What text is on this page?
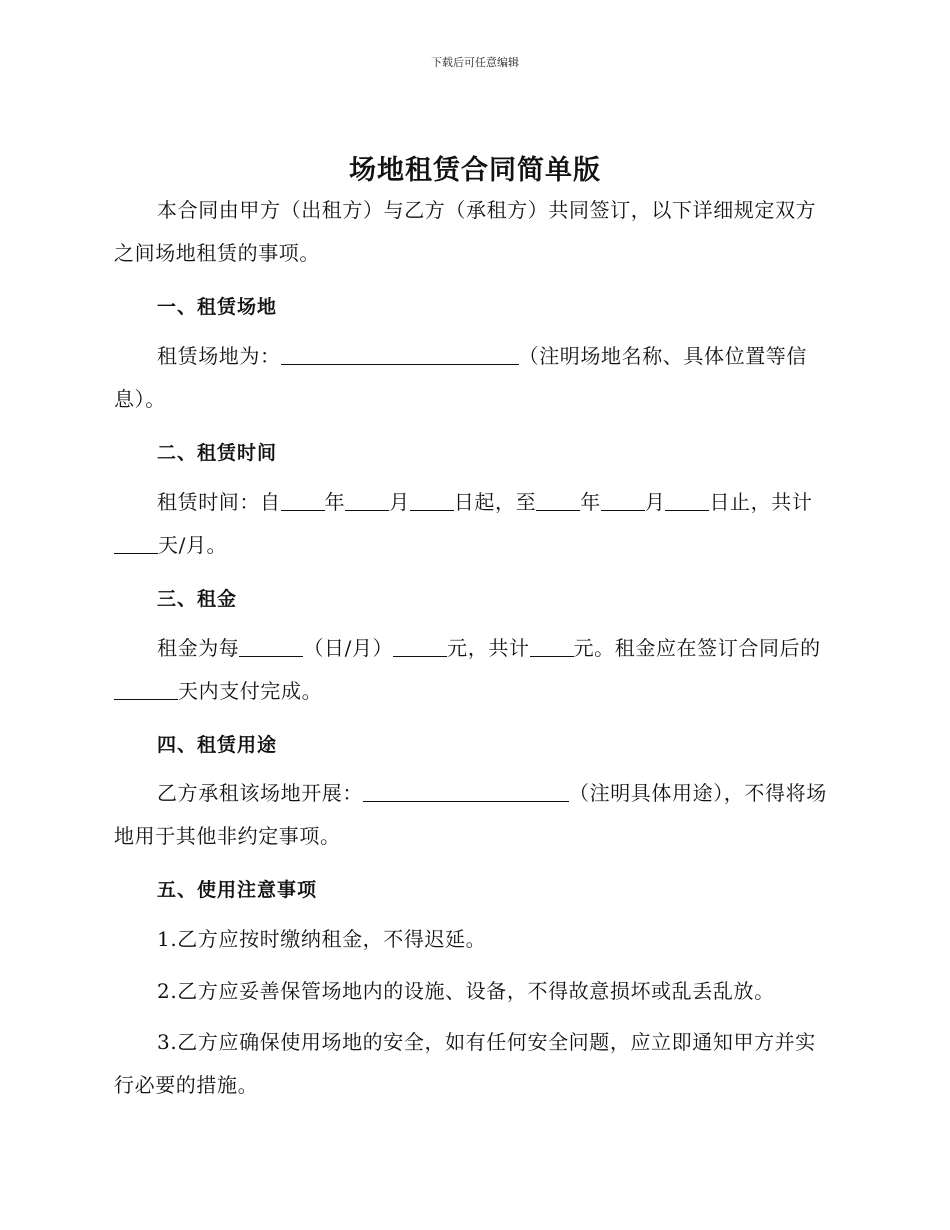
下载后可任意编辑
场地租赁合同简单版
本合同由甲方（出租方）与乙方（承租方）共同签订，以下详细规定双方之间场地租赁的事项。
一、租赁场地
租赁场地为：	（注明场地名称、具体位置等信息）。
二、租赁时间
租赁时间：自 年 月 日起，至 年 月 日止，共计天/月。
三、租金
租金为每	（日/月）	元，共计 元。租金应在签订合同后的天内支付完成。
四、租赁用途
乙方承租该场地开展：	（注明具体用途），不得将场地用于其他非约定事项。
五、使用注意事项
1.乙方应按时缴纳租金，不得迟延。
2.乙方应妥善保管场地内的设施、设备，不得故意损坏或乱丢乱放。
3.乙方应确保使用场地的安全，如有任何安全问题，应立即通知甲方并实行必要的措施。
